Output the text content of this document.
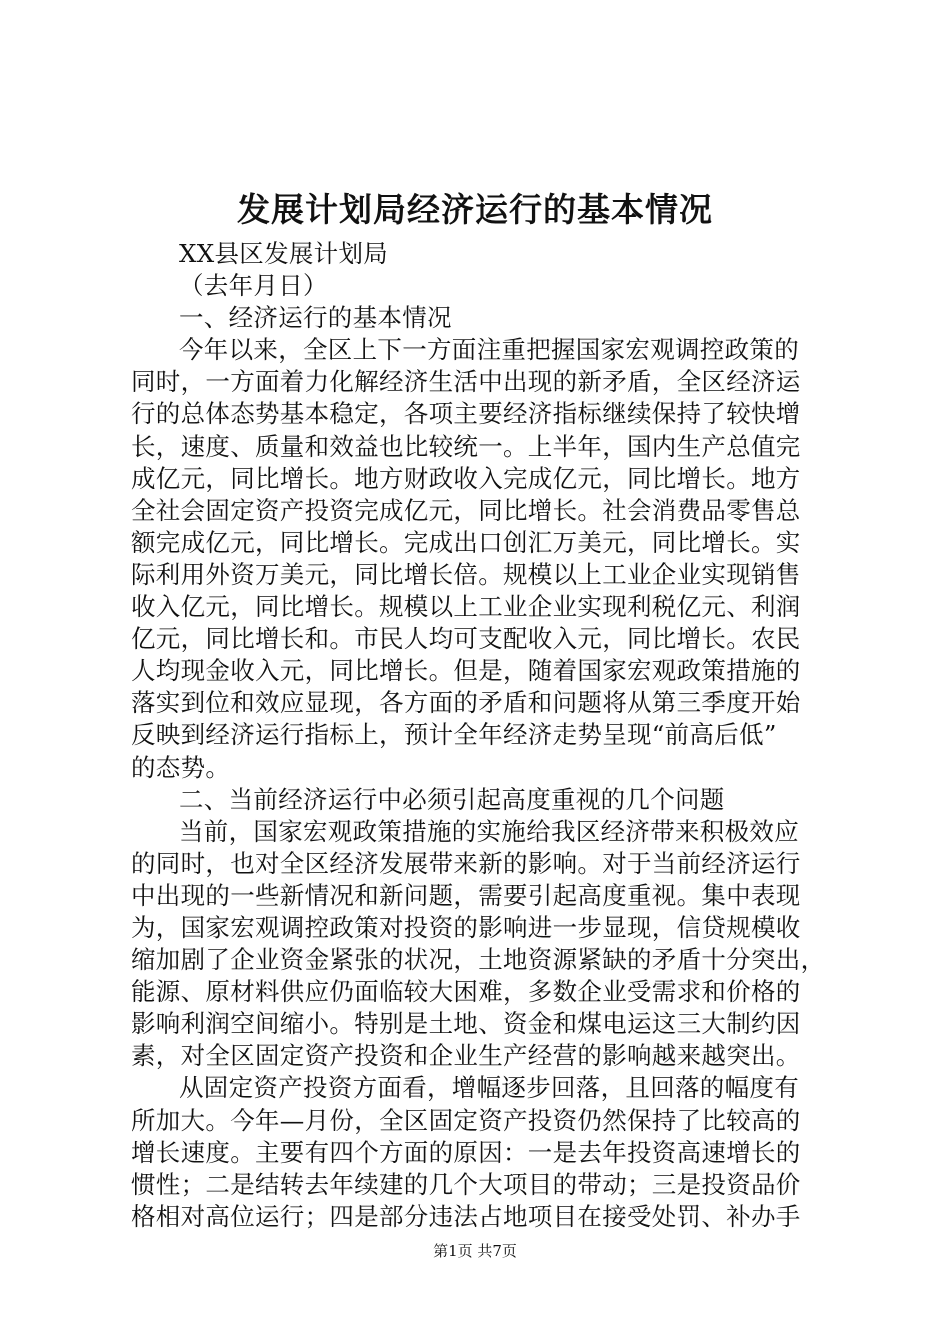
发展计划局经济运行的基本情况
XX县区发展计划局
（去年月日）
一、经济运行的基本情况
今年以来，全区上下一方面注重把握国家宏观调控政策的
同时，一方面着力化解经济生活中出现的新矛盾，全区经济运
行的总体态势基本稳定，各项主要经济指标继续保持了较快增
长，速度、质量和效益也比较统一。上半年，国内生产总值完
成亿元，同比增长。地方财政收入完成亿元，同比增长。地方
全社会固定资产投资完成亿元，同比增长。社会消费品零售总
额完成亿元，同比增长。完成出口创汇万美元，同比增长。实
际利用外资万美元，同比增长倍。规模以上工业企业实现销售
收入亿元，同比增长。规模以上工业企业实现利税亿元、利润
亿元，同比增长和。市民人均可支配收入元，同比增长。农民
人均现金收入元，同比增长。但是，随着国家宏观政策措施的
落实到位和效应显现，各方面的矛盾和问题将从第三季度开始
反映到经济运行指标上，预计全年经济走势呈现“前高后低”
的态势。
二、当前经济运行中必须引起高度重视的几个问题
当前，国家宏观政策措施的实施给我区经济带来积极效应
的同时，也对全区经济发展带来新的影响。对于当前经济运行
中出现的一些新情况和新问题，需要引起高度重视。集中表现
为，国家宏观调控政策对投资的影响进一步显现，信贷规模收
缩加剧了企业资金紧张的状况，土地资源紧缺的矛盾十分突出，
能源、原材料供应仍面临较大困难，多数企业受需求和价格的
影响利润空间缩小。特别是土地、资金和煤电运这三大制约因
素，对全区固定资产投资和企业生产经营的影响越来越突出。
从固定资产投资方面看，增幅逐步回落，且回落的幅度有
所加大。今年—月份，全区固定资产投资仍然保持了比较高的
增长速度。主要有四个方面的原因：一是去年投资高速增长的
惯性；二是结转去年续建的几个大项目的带动；三是投资品价
格相对高位运行；四是部分违法占地项目在接受处罚、补办手
第1页 共7页
